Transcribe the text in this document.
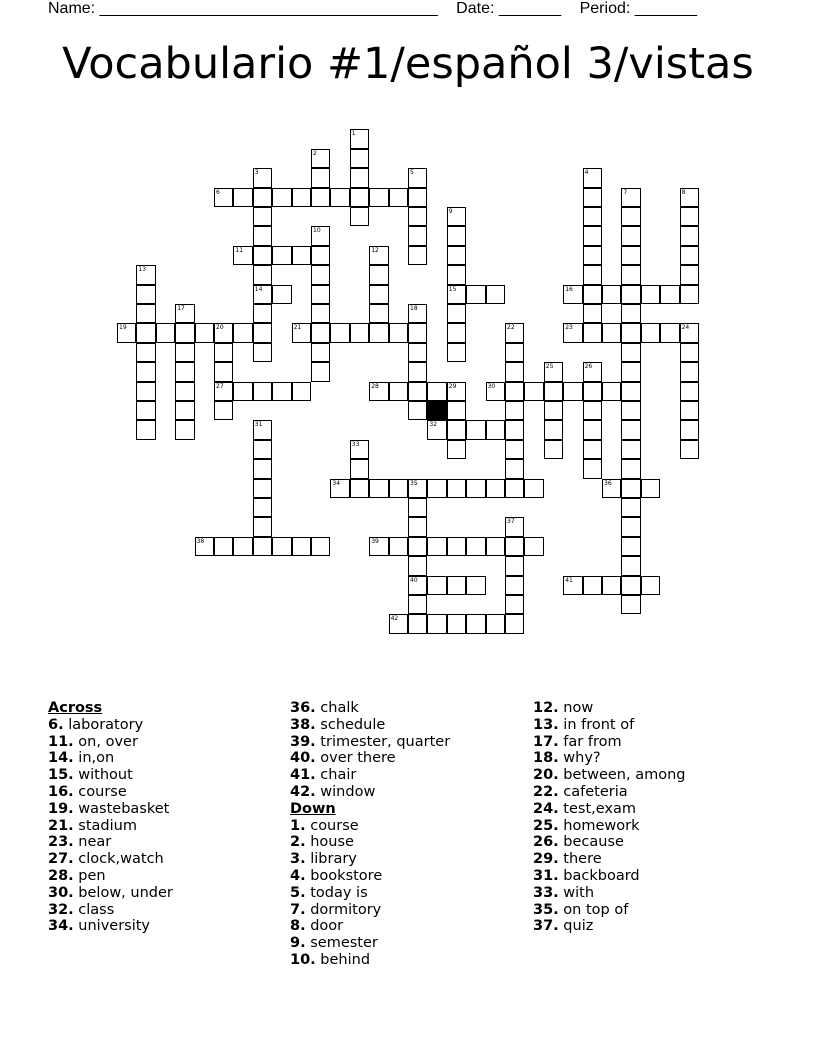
Name: ______________________________________ Date: _______ Period: _______
Vocabulario #1/español 3/vistas
6
11
14	15	16
19	20	21	23	24
27	28	29	30
32
34	35	36
38	39
40	41
42
1
2
3	4
5
7	8
9
10
12
13
17	18
22
25	26
31
33
37
Across
6. laboratory
11. on, over
14. in,on
15. without
16. course
19. wastebasket
21. stadium
23. near
27. clock,watch
28. pen
30. below, under
32. class
34. university
36. chalk
38. schedule
39. trimester, quarter
40. over there
41. chair
42. window
Down
1. course
2. house
3. library
4. bookstore
5. today is
7. dormitory
8. door
9. semester
10. behind
12. now
13. in front of
17. far from
18. why?
20. between, among
22. cafeteria
24. test,exam
25. homework
26. because
29. there
31. backboard
33. with
35. on top of
37. quiz
